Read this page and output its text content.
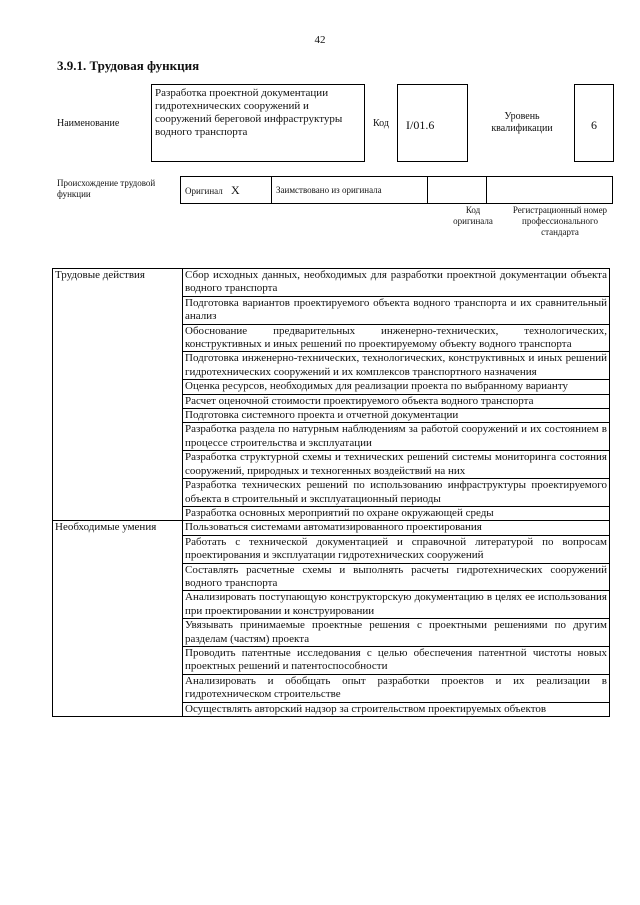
42
3.9.1. Трудовая функция
Наименование
Разработка проектной документации гидротехнических сооружений и сооружений береговой инфраструктуры водного транспорта
Код I/01.6
Уровень квалификации	6
Происхождение трудовой функции	Оригинал X	Заимствовано из оригинала		
Код оригинала
Регистрационный номер профессионального стандарта
Трудовые действия	Сбор исходных данных, необходимых для разработки проектной документации объекта водного транспорта
	Подготовка вариантов проектируемого объекта водного транспорта и их сравнительный анализ
	Обоснование предварительных инженерно-технических, технологических, конструктивных и иных решений по проектируемому объекту водного транспорта
	Подготовка инженерно-технических, технологических, конструктивных и иных решений гидротехнических сооружений и их комплексов транспортного назначения
	Оценка ресурсов, необходимых для реализации проекта по выбранному варианту
	Расчет оценочной стоимости проектируемого объекта водного транспорта
	Подготовка системного проекта и отчетной документации
	Разработка раздела по натурным наблюдениям за работой сооружений и их состоянием в процессе строительства и эксплуатации
	Разработка структурной схемы и технических решений системы мониторинга состояния сооружений, природных и техногенных воздействий на них
	Разработка технических решений по использованию инфраструктуры проектируемого объекта в строительный и эксплуатационный периоды
	Разработка основных мероприятий по охране окружающей среды
Необходимые умения	Пользоваться системами автоматизированного проектирования
	Работать с технической документацией и справочной литературой по вопросам проектирования и эксплуатации гидротехнических сооружений
	Составлять расчетные схемы и выполнять расчеты гидротехнических сооружений водного транспорта
	Анализировать поступающую конструкторскую документацию в целях ее использования при проектировании и конструировании
	Увязывать принимаемые проектные решения с проектными решениями по другим разделам (частям) проекта
	Проводить патентные исследования с целью обеспечения патентной чистоты новых проектных решений и патентоспособности
	Анализировать и обобщать опыт разработки проектов и их реализации в гидротехническом строительстве
	Осуществлять авторский надзор за строительством проектируемых объектов
